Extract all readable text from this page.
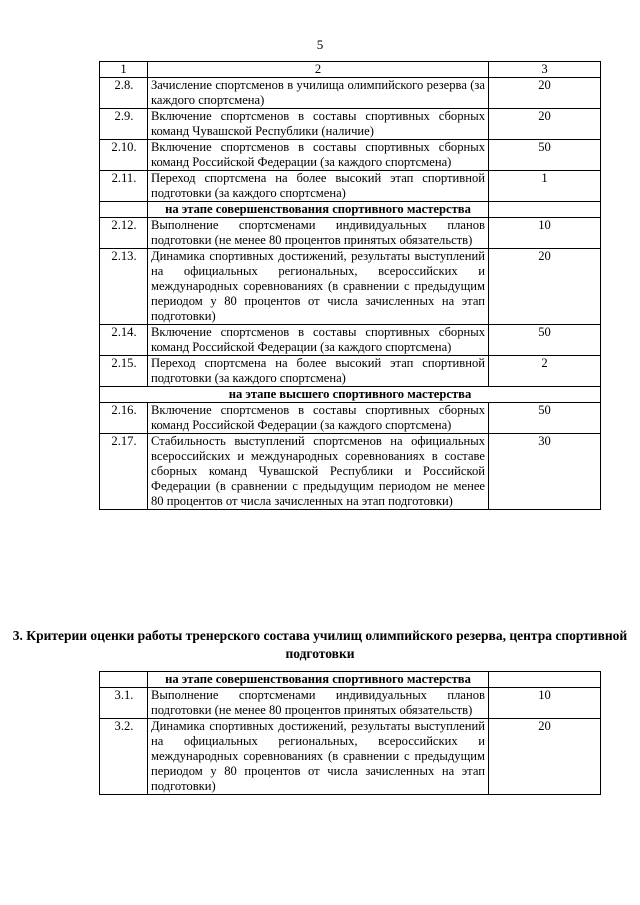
5
1	2	3
2.8.	Зачисление спортсменов в училища олимпийского резерва (за каждого спортсмена)	20
2.9.	Включение спортсменов в составы спортивных сборных команд Чувашской Республики (наличие)	20
2.10.	Включение спортсменов в составы спортивных сборных команд Российской Федерации (за каждого спортсмена)	50
2.11.	Переход спортсмена на более высокий этап спортивной подготовки (за каждого спортсмена)	1
	на этапе совершенствования спортивного мастерства	
2.12.	Выполнение спортсменами индивидуальных планов подготовки (не менее 80 процентов принятых обязательств)	10
2.13.	Динамика спортивных достижений, результаты выступлений на официальных региональных, всероссийских и международных соревнованиях (в сравнении с предыдущим периодом у 80 процентов от числа зачисленных на этап подготовки)	20
2.14.	Включение спортсменов в составы спортивных сборных команд Российской Федерации (за каждого спортсмена)	50
2.15.	Переход спортсмена на более высокий этап спортивной подготовки (за каждого спортсмена)	2
на этапе высшего спортивного мастерства		
2.16.	Включение спортсменов в составы спортивных сборных команд Российской Федерации (за каждого спортсмена)	50
2.17.	Стабильность выступлений спортсменов на официальных всероссийских и международных соревнованиях в составе сборных команд Чувашской Республики и Российской Федерации (в сравнении с предыдущим периодом не менее 80 процентов от числа зачисленных на этап подготовки)	30
3. Критерии оценки работы тренерского состава училищ олимпийского резерва, центра спортивной подготовки
	на этапе совершенствования спортивного мастерства	
3.1.	Выполнение спортсменами индивидуальных планов подготовки (не менее 80 процентов принятых обязательств)	10
3.2.	Динамика спортивных достижений, результаты выступлений на официальных региональных, всероссийских и международных соревнованиях (в сравнении с предыдущим периодом у 80 процентов от числа зачисленных на этап подготовки)	20
